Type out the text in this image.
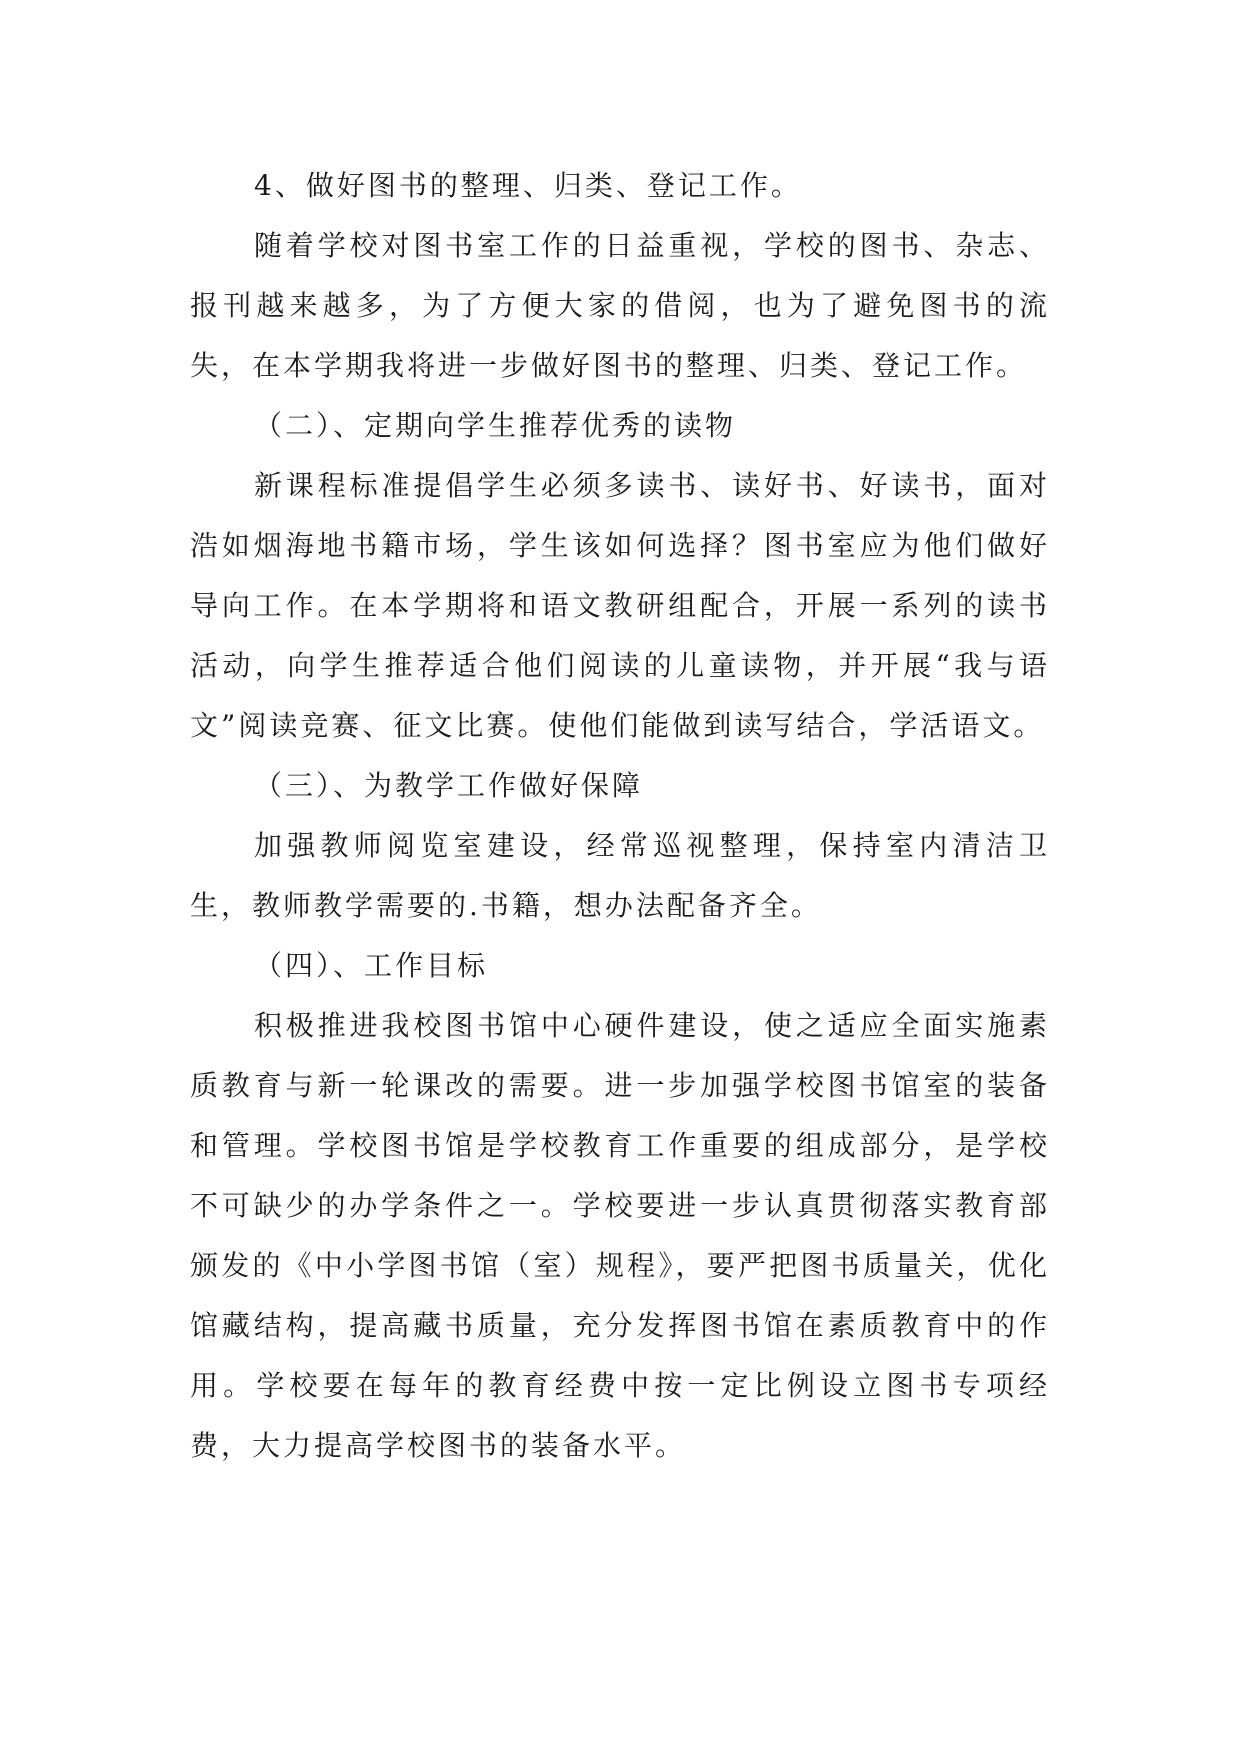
4、做好图书的整理、归类、登记工作。

随着学校对图书室工作的日益重视，学校的图书、杂志、报刊越来越多，为了方便大家的借阅，也为了避免图书的流失，在本学期我将进一步做好图书的整理、归类、登记工作。

（二）、定期向学生推荐优秀的读物

新课程标准提倡学生必须多读书、读好书、好读书，面对浩如烟海地书籍市场，学生该如何选择？图书室应为他们做好导向工作。在本学期将和语文教研组配合，开展一系列的读书活动，向学生推荐适合他们阅读的儿童读物，并开展“我与语文”阅读竞赛、征文比赛。使他们能做到读写结合，学活语文。

（三）、为教学工作做好保障

加强教师阅览室建设，经常巡视整理，保持室内清洁卫生，教师教学需要的.书籍，想办法配备齐全。

（四）、工作目标

积极推进我校图书馆中心硬件建设，使之适应全面实施素质教育与新一轮课改的需要。进一步加强学校图书馆室的装备和管理。学校图书馆是学校教育工作重要的组成部分，是学校不可缺少的办学条件之一。学校要进一步认真贯彻落实教育部颁发的《中小学图书馆（室）规程》，要严把图书质量关，优化馆藏结构，提高藏书质量，充分发挥图书馆在素质教育中的作用。学校要在每年的教育经费中按一定比例设立图书专项经费，大力提高学校图书的装备水平。
